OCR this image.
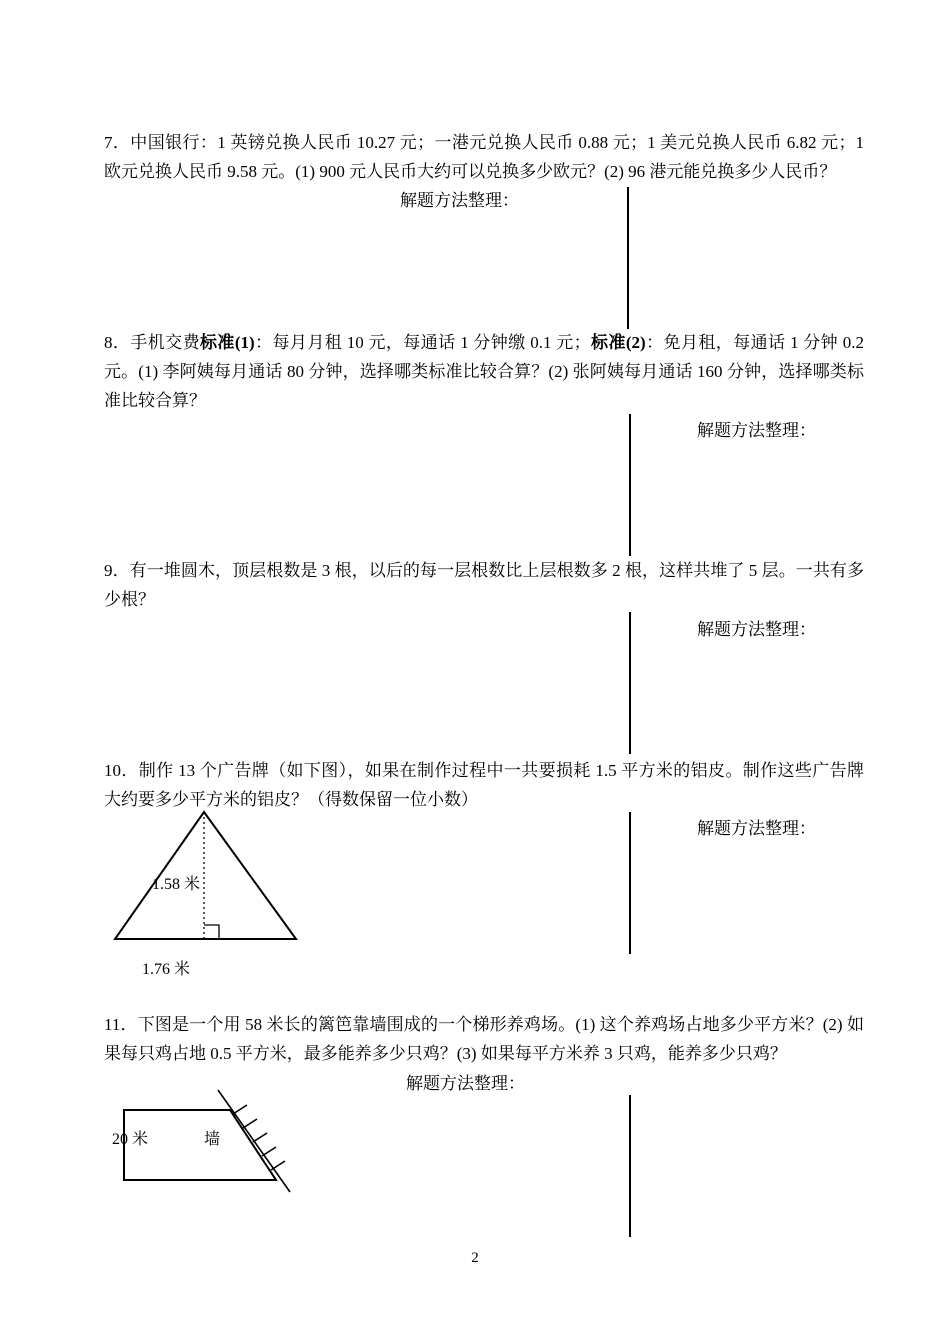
7．中国银行：1 英镑兑换人民币 10.27 元；一港元兑换人民币 0.88 元；1 美元兑换人民币 6.82 元；1 欧元兑换人民币 9.58 元。(1) 900 元人民币大约可以兑换多少欧元？(2) 96 港元能兑换多少人民币？
解题方法整理：
8．手机交费标准(1)：每月月租 10 元，每通话 1 分钟缴 0.1 元；标准(2)：免月租，每通话 1 分钟 0.2 元。(1) 李阿姨每月通话 80 分钟，选择哪类标准比较合算？(2) 张阿姨每月通话 160 分钟，选择哪类标准比较合算？
解题方法整理：
9．有一堆圆木，顶层根数是 3 根，以后的每一层根数比上层根数多 2 根，这样共堆了 5 层。一共有多少根？
解题方法整理：
10．制作 13 个广告牌（如下图），如果在制作过程中一共要损耗 1.5 平方米的铝皮。制作这些广告牌大约要多少平方米的铝皮？（得数保留一位小数）
解题方法整理：
1.58 米
1.76 米
11．下图是一个用 58 米长的篱笆靠墙围成的一个梯形养鸡场。(1) 这个养鸡场占地多少平方米？(2) 如果每只鸡占地 0.5 平方米，最多能养多少只鸡？(3) 如果每平方米养 3 只鸡，能养多少只鸡？
解题方法整理：
20 米	墙
2
